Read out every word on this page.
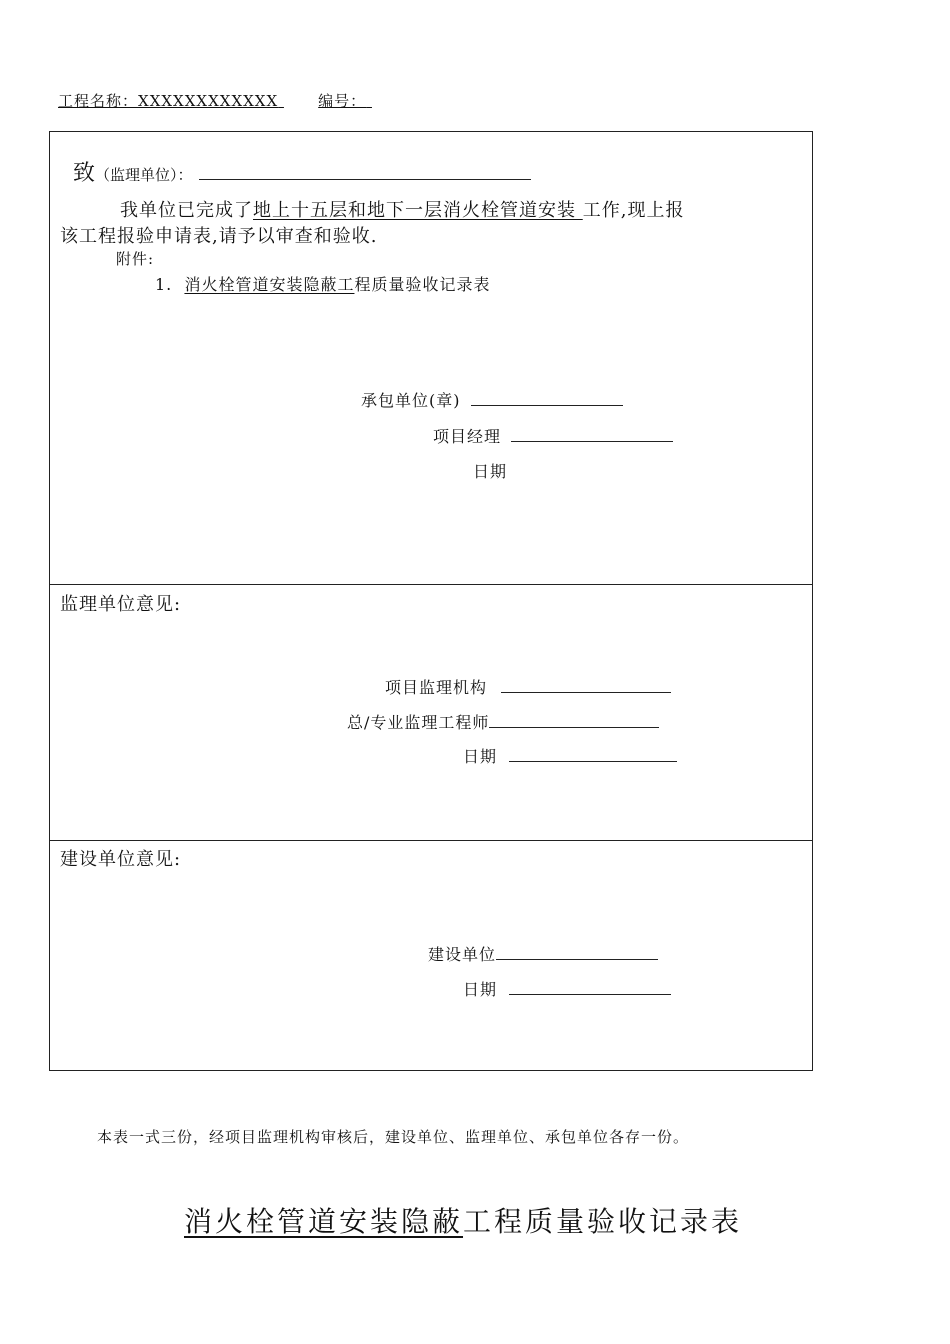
工程名称：XXXXXXXXXXXX	编号：
致（监理单位）：
我单位已完成了地上十五层和地下一层消火栓管道安装 工作,现上报
该工程报验申请表,请予以审查和验收.
附件:
1. 消火栓管道安装隐蔽工程质量验收记录表
承包单位(章)
项目经理
日期
监理单位意见:
项目监理机构
总/专业监理工程师
日期
建设单位意见:
建设单位
日期
本表一式三份，经项目监理机构审核后，建设单位、监理单位、承包单位各存一份。
消火栓管道安装隐蔽工程质量验收记录表
